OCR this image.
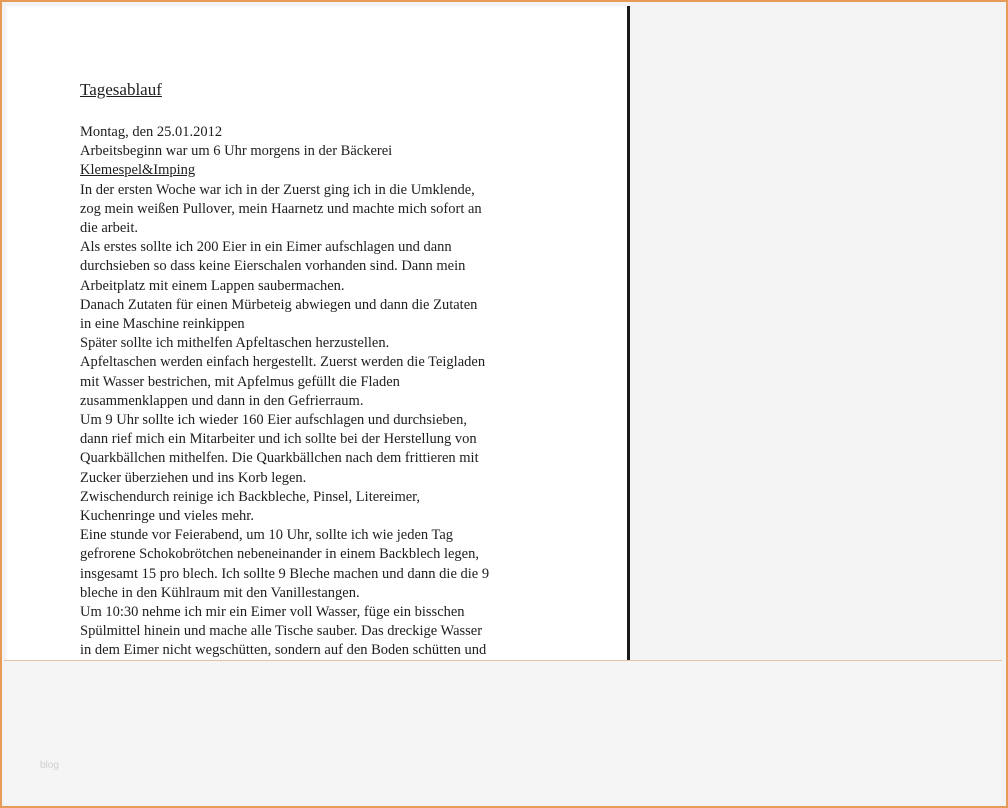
Tagesablauf
Montag, den 25.01.2012
Arbeitsbeginn war um 6 Uhr morgens in der Bäckerei
Klemespel&Imping
In der ersten Woche war ich in der Zuerst ging ich in die Umklende,
zog mein weißen Pullover, mein Haarnetz und machte mich sofort an
die arbeit.
Als erstes sollte ich 200 Eier in ein Eimer aufschlagen und dann
durchsieben so dass keine Eierschalen vorhanden sind. Dann mein
Arbeitplatz mit einem Lappen saubermachen.
Danach Zutaten für einen Mürbeteig abwiegen und dann die Zutaten
in eine Maschine reinkippen
Später sollte ich mithelfen Apfeltaschen herzustellen.
Apfeltaschen werden einfach hergestellt. Zuerst werden die Teigladen
mit Wasser bestrichen, mit Apfelmus gefüllt die Fladen
zusammenklappen und dann in den Gefrierraum.
Um 9 Uhr sollte ich wieder 160 Eier aufschlagen und durchsieben,
dann rief mich ein Mitarbeiter und ich sollte bei der Herstellung von
Quarkbällchen mithelfen. Die Quarkbällchen nach dem frittieren mit
Zucker überziehen und ins Korb legen.
Zwischendurch reinige ich Backbleche, Pinsel, Litereimer,
Kuchenringe und vieles mehr.
Eine stunde vor Feierabend, um 10 Uhr, sollte ich wie jeden Tag
gefrorene Schokobrötchen nebeneinander in einem Backblech legen,
insgesamt 15 pro blech. Ich sollte 9 Bleche machen und dann die die 9
bleche in den Kühlraum mit den Vanillestangen.
Um 10:30 nehme ich mir ein Eimer voll Wasser, füge ein bisschen
Spülmittel hinein und mache alle Tische sauber. Das dreckige Wasser
in dem Eimer nicht wegschütten, sondern auf den Boden schütten und
blog
